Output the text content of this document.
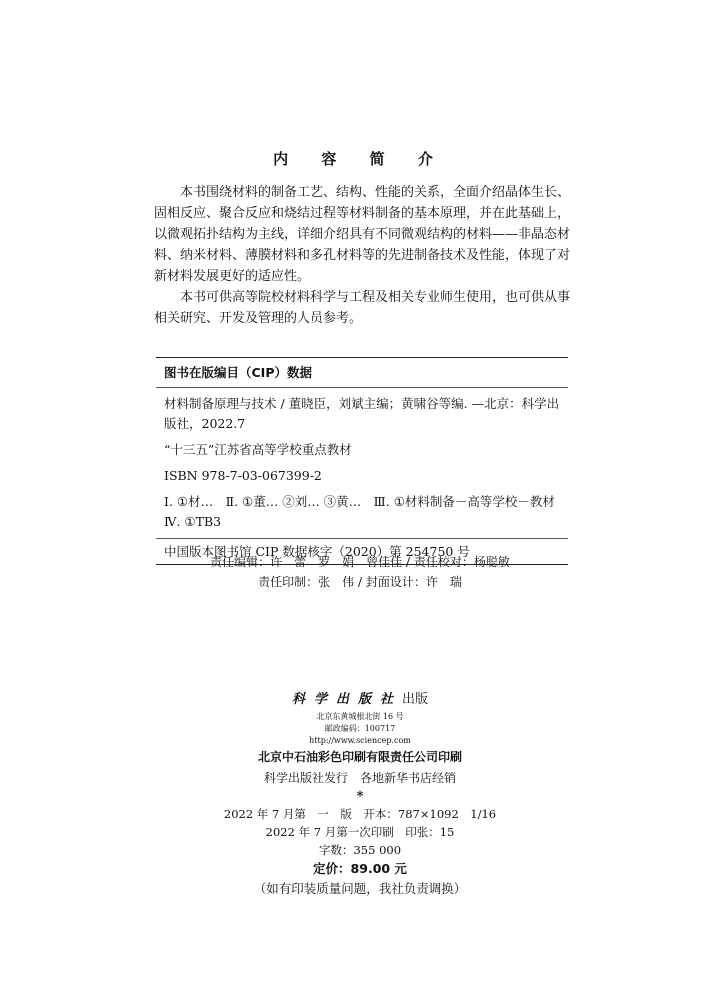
内 容 简 介

本书围绕材料的制备工艺、结构、性能的关系，全面介绍晶体生长、固相反应、聚合反应和烧结过程等材料制备的基本原理，并在此基础上，以微观拓扑结构为主线，详细介绍具有不同微观结构的材料——非晶态材料、纳米材料、薄膜材料和多孔材料等的先进制备技术及性能，体现了对新材料发展更好的适应性。

本书可供高等院校材料科学与工程及相关专业师生使用，也可供从事相关研究、开发及管理的人员参考。

图书在版编目（CIP）数据

材料制备原理与技术 / 董晓臣，刘斌主编；黄啸谷等编. —北京：科学出版社，2022.7

“十三五”江苏省高等学校重点教材

ISBN 978-7-03-067399-2

Ⅰ. ①材…　Ⅱ. ①董… ②刘… ③黄…　Ⅲ. ①材料制备－高等学校－教材　Ⅳ. ①TB3

中国版本图书馆 CIP 数据核字（2020）第 254750 号
责任编辑：许　蕾　罗　娟　曾佳佳 / 责任校对：杨聪敏
责任印制：张　伟 / 封面设计：许　瑞
科学出版社出版
北京东黄城根北街 16 号
邮政编码：100717
http://www.sciencep.com
北京中石油彩色印刷有限责任公司印刷
科学出版社发行　各地新华书店经销
*
2022 年 7 月第　一　版　开本：787×1092　1/16
2022 年 7 月第一次印刷　印张：15
字数：355 000
定价：89.00 元
（如有印装质量问题，我社负责调换）
